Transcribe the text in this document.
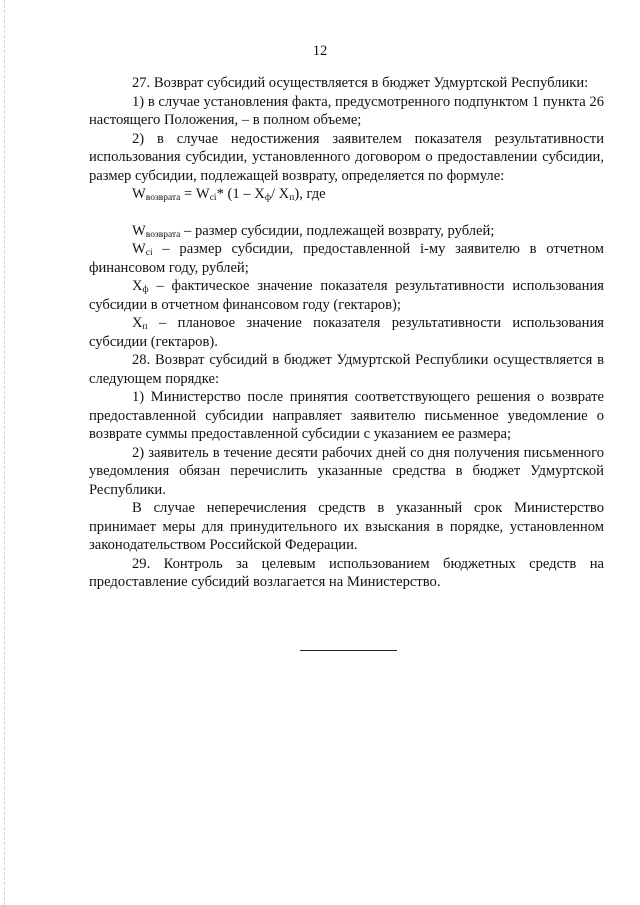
12

27. Возврат субсидий осуществляется в бюджет Удмуртской Республики:

1) в случае установления факта, предусмотренного подпунктом 1 пункта 26 настоящего Положения, – в полном объеме;

2) в случае недостижения заявителем показателя результативности использования субсидии, установленного договором о предоставлении субсидии, размер субсидии, подлежащей возврату, определяется по формуле:

$W_{возврата} = W_{ci}*$ ($1 - X_ф/$ $X_п$), где

$W_{возврата}$ – размер субсидии, подлежащей возврату, рублей;

$W_{ci}$ – размер субсидии, предоставленной i-му заявителю в отчетном финансовом году, рублей;

$X_ф$ – фактическое значение показателя результативности использования субсидии в отчетном финансовом году (гектаров);

$X_п$ – плановое значение показателя результативности использования субсидии (гектаров).

28. Возврат субсидий в бюджет Удмуртской Республики осуществляется в следующем порядке:

1) Министерство после принятия соответствующего решения о возврате предоставленной субсидии направляет заявителю письменное уведомление о возврате суммы предоставленной субсидии с указанием ее размера;

2) заявитель в течение десяти рабочих дней со дня получения письменного уведомления обязан перечислить указанные средства в бюджет Удмуртской Республики.

В случае неперечисления средств в указанный срок Министерство принимает меры для принудительного их взыскания в порядке, установленном законодательством Российской Федерации.

29. Контроль за целевым использованием бюджетных средств на предоставление субсидий возлагается на Министерство.
